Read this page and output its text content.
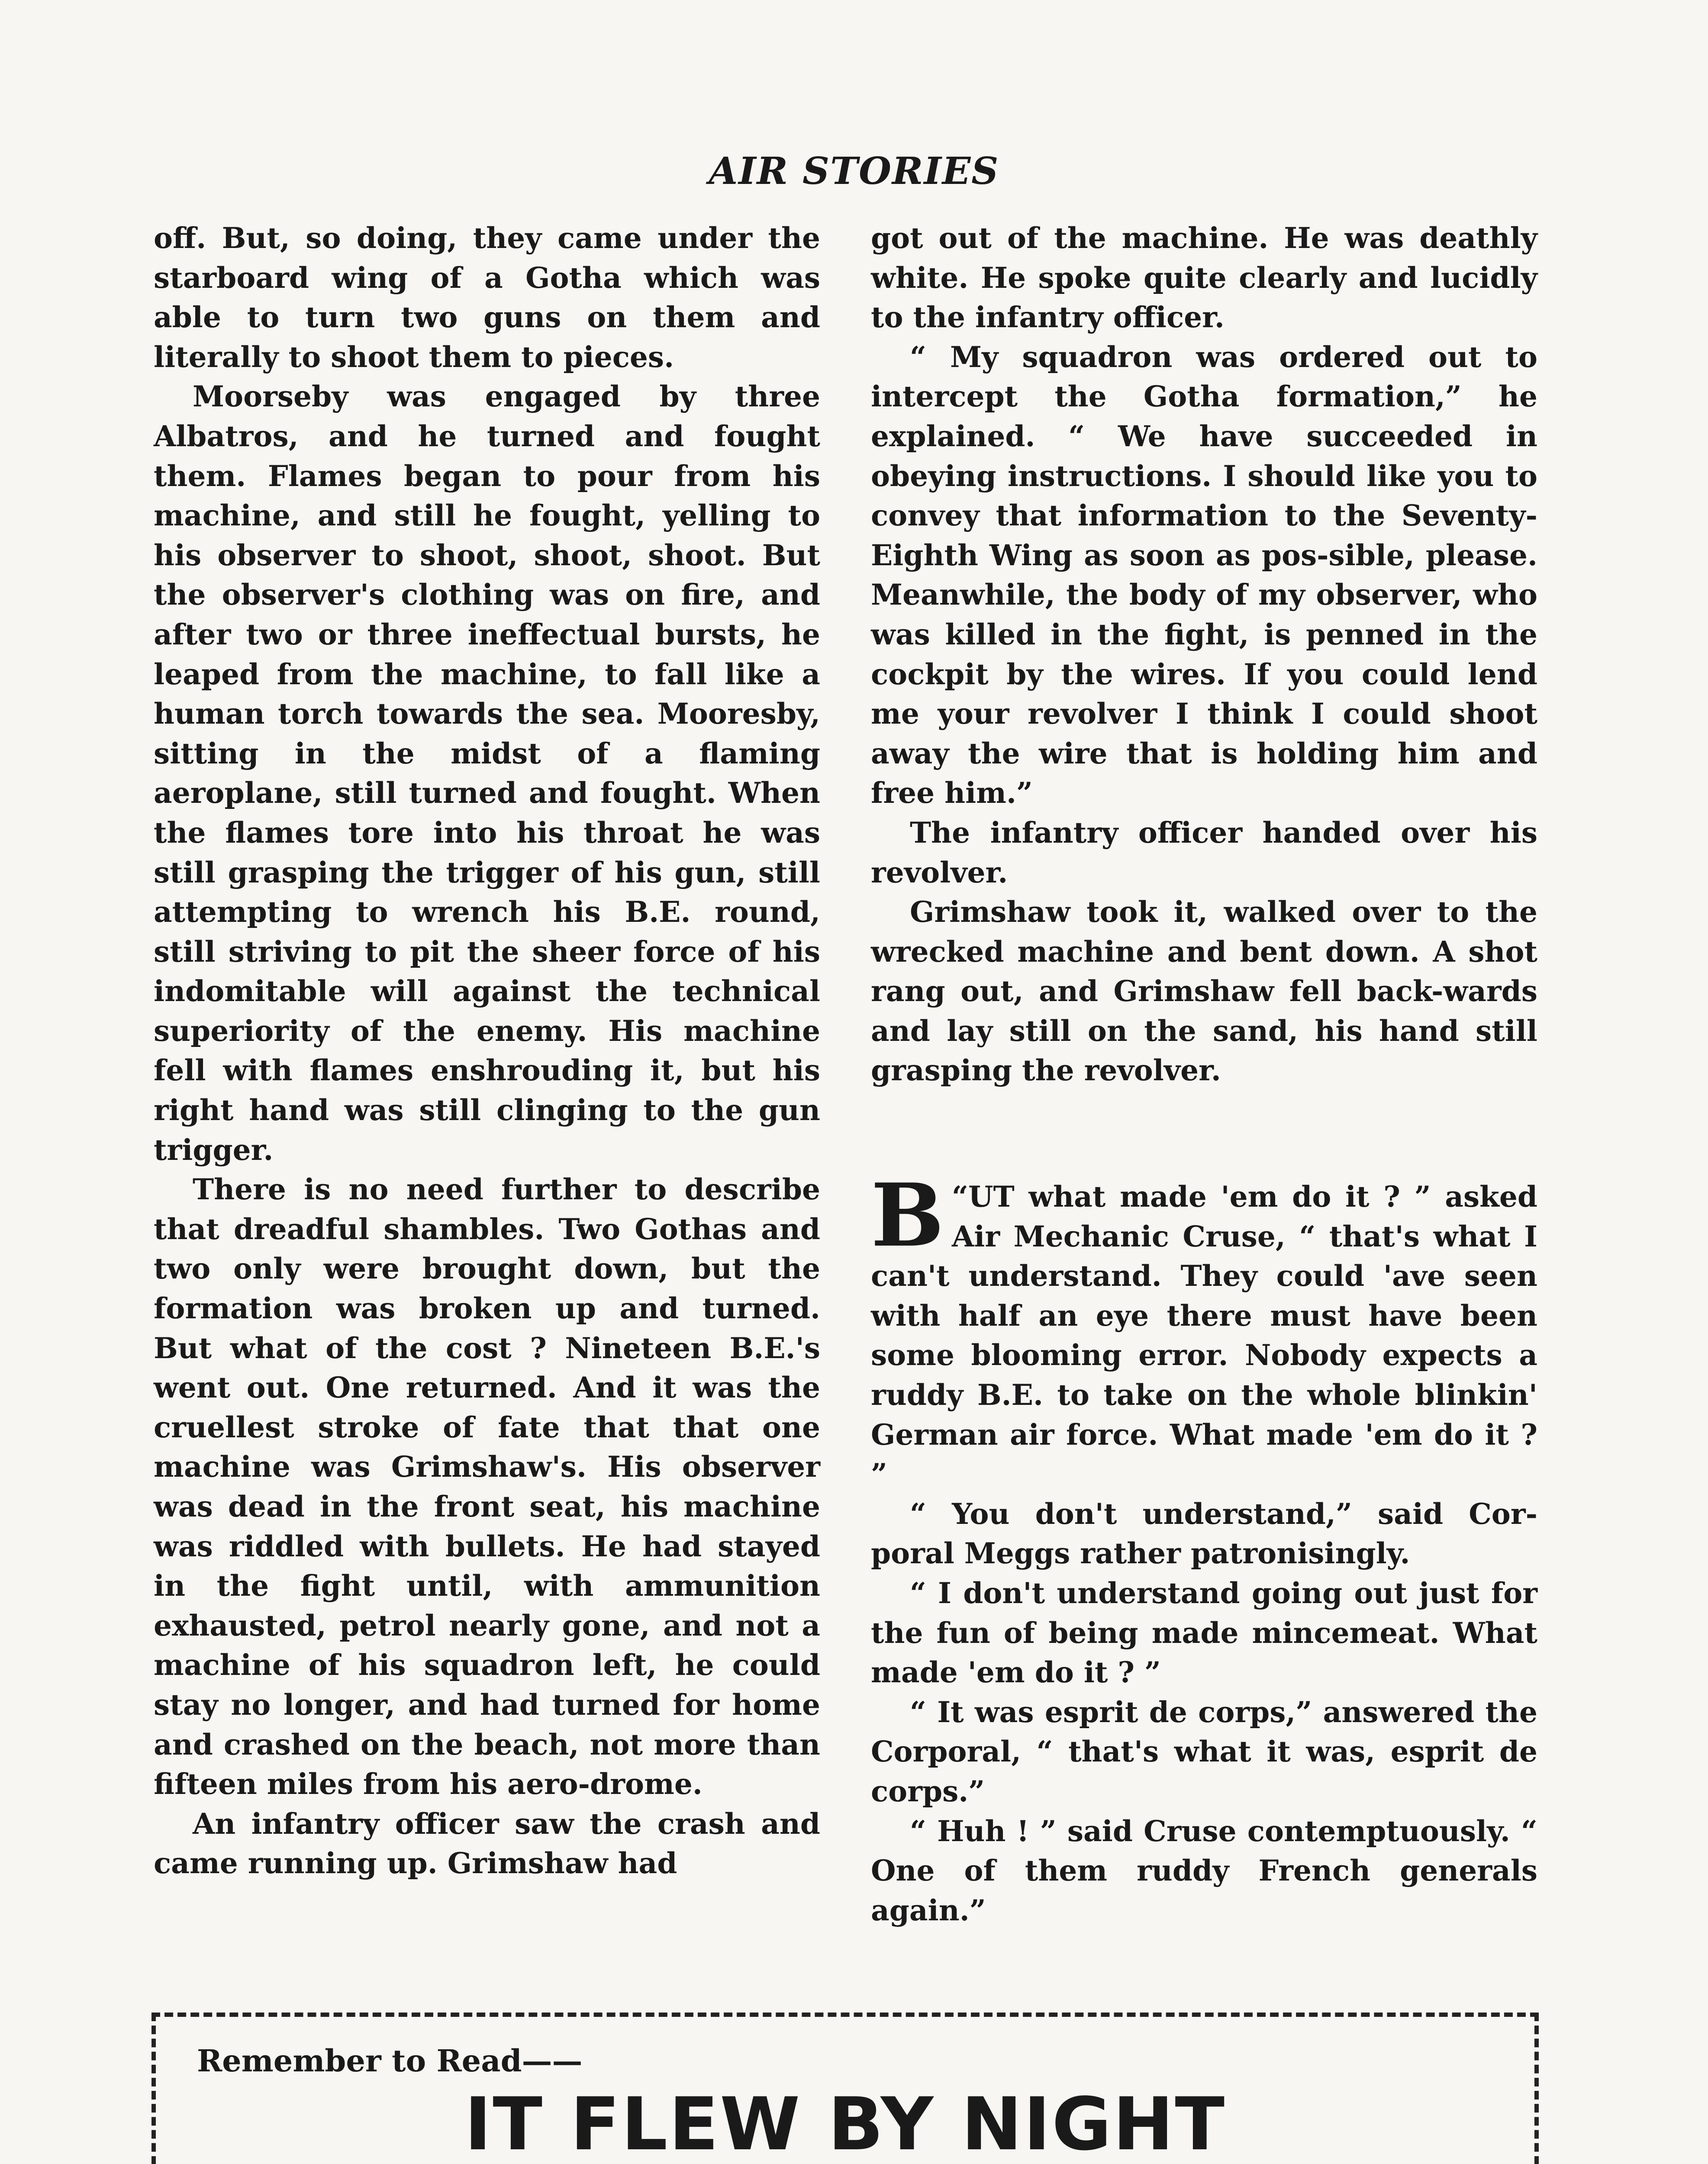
AIR STORIES

off. But, so doing, they came under the starboard wing of a Gotha which was able to turn two guns on them and literally to shoot them to pieces.

Moorseby was engaged by three Albatros, and he turned and fought them. Flames began to pour from his machine, and still he fought, yelling to his observer to shoot, shoot, shoot. But the observer's clothing was on fire, and after two or three ineffectual bursts, he leaped from the machine, to fall like a human torch towards the sea. Mooresby, sitting in the midst of a flaming aeroplane, still turned and fought. When the flames tore into his throat he was still grasping the trigger of his gun, still attempting to wrench his B.E. round, still striving to pit the sheer force of his indomitable will against the technical superiority of the enemy. His machine fell with flames enshrouding it, but his right hand was still clinging to the gun trigger.

There is no need further to describe that dreadful shambles. Two Gothas and two only were brought down, but the formation was broken up and turned. But what of the cost ? Nineteen B.E.'s went out. One returned. And it was the cruellest stroke of fate that that one machine was Grimshaw's. His observer was dead in the front seat, his machine was riddled with bullets. He had stayed in the fight until, with ammunition exhausted, petrol nearly gone, and not a machine of his squadron left, he could stay no longer, and had turned for home and crashed on the beach, not more than fifteen miles from his aero-drome.

An infantry officer saw the crash and came running up. Grimshaw had

got out of the machine. He was deathly white. He spoke quite clearly and lucidly to the infantry officer.

“ My squadron was ordered out to intercept the Gotha formation,” he explained. “ We have succeeded in obeying instructions. I should like you to convey that information to the Seventy-Eighth Wing as soon as pos-sible, please. Meanwhile, the body of my observer, who was killed in the fight, is penned in the cockpit by the wires. If you could lend me your revolver I think I could shoot away the wire that is holding him and free him.”

The infantry officer handed over his revolver.

Grimshaw took it, walked over to the wrecked machine and bent down. A shot rang out, and Grimshaw fell back-wards and lay still on the sand, his hand still grasping the revolver.

“
B UT what made 'em do it ? ” asked Air Mechanic Cruse, “ that's what I can't understand. They could 'ave seen with half an eye there must have been some blooming error. Nobody expects a ruddy B.E. to take on the whole blinkin' German air force. What made 'em do it ? ”

“ You don't understand,” said Cor-poral Meggs rather patronisingly.

“ I don't understand going out just for the fun of being made mincemeat. What made 'em do it ? ”

“ It was esprit de corps,” answered the Corporal, “ that's what it was, esprit de corps.”

“ Huh ! ” said Cruse contemptuously. “ One of them ruddy French generals again.”

Remember to Read——
IT FLEW BY NIGHT
